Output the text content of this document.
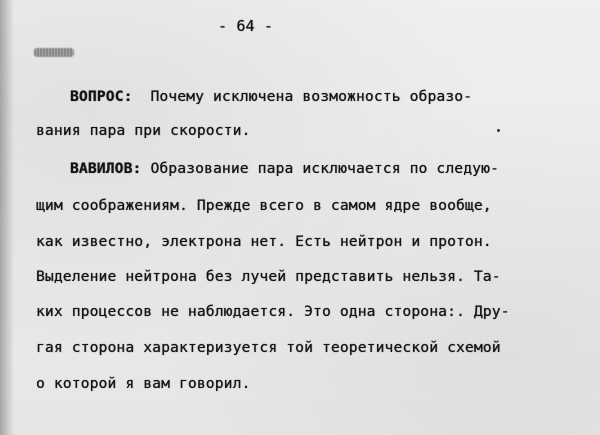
- 64 -
ВОПРОС: Почему исключена возможность образо-
вания пара при скорости.
ВАВИЛОВ: Образование пара исключается по следую-
щим соображениям. Прежде всего в самом ядре вообще,
как известно, электрона нет. Есть нейтрон и протон.
Выделение нейтрона без лучей представить нельзя. Та-
ких процессов не наблюдается. Это одна сторона:. Дру-
гая сторона характеризуется той теоретической схемой
о которой я вам говорил.
